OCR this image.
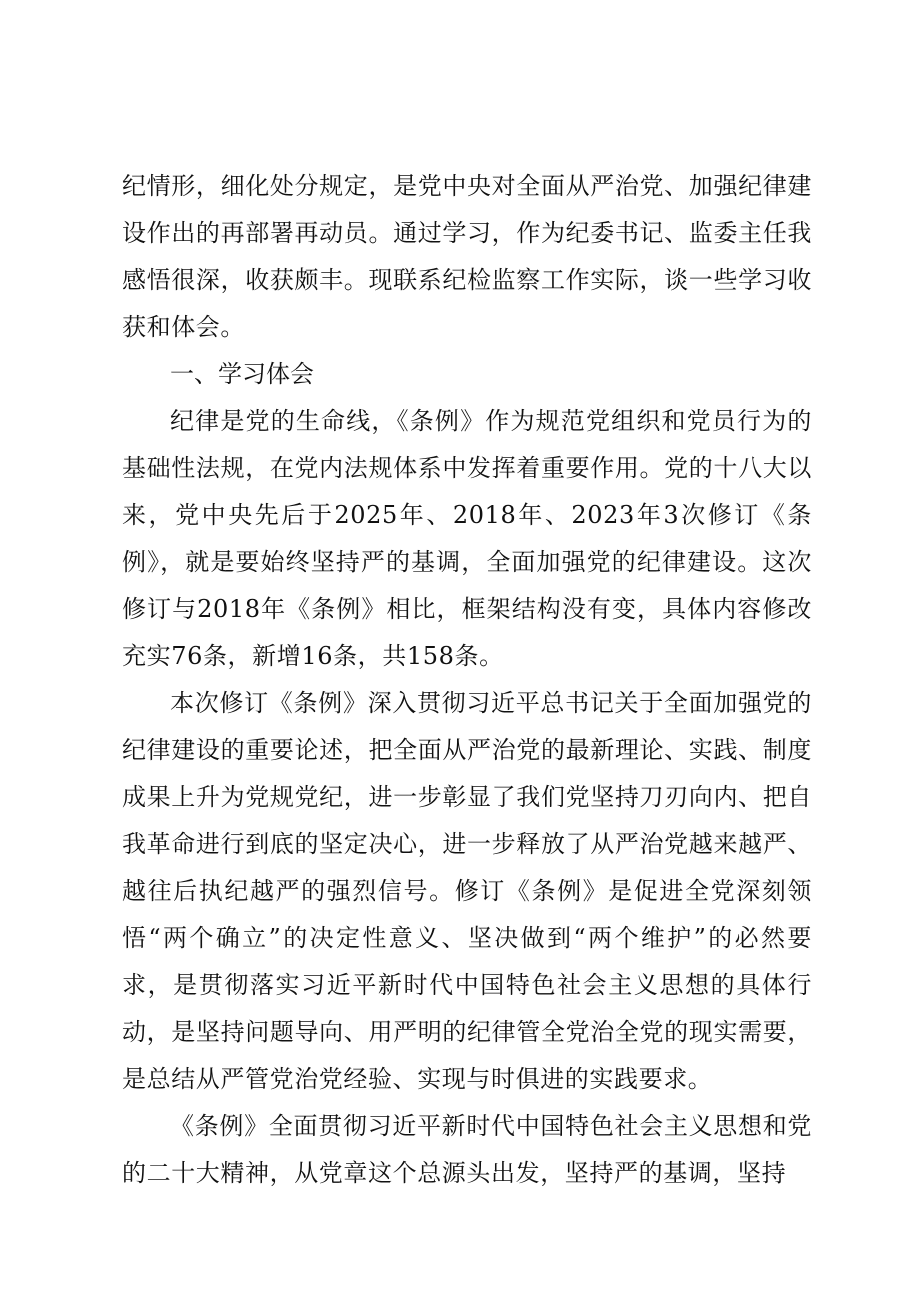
纪情形，细化处分规定，是党中央对全面从严治党、加强纪律建设作出的再部署再动员。通过学习，作为纪委书记、监委主任我感悟很深，收获颇丰。现联系纪检监察工作实际，谈一些学习收获和体会。

一、学习体会

纪律是党的生命线，《条例》作为规范党组织和党员行为的基础性法规，在党内法规体系中发挥着重要作用。党的十八大以来，党中央先后于2025年、2018年、2023年3次修订《条例》，就是要始终坚持严的基调，全面加强党的纪律建设。这次修订与2018年《条例》相比，框架结构没有变，具体内容修改充实76条，新增16条，共158条。

本次修订《条例》深入贯彻习近平总书记关于全面加强党的纪律建设的重要论述，把全面从严治党的最新理论、实践、制度成果上升为党规党纪，进一步彰显了我们党坚持刀刃向内、把自我革命进行到底的坚定决心，进一步释放了从严治党越来越严、越往后执纪越严的强烈信号。修订《条例》是促进全党深刻领悟“两个确立”的决定性意义、坚决做到“两个维护”的必然要求，是贯彻落实习近平新时代中国特色社会主义思想的具体行动，是坚持问题导向、用严明的纪律管全党治全党的现实需要，是总结从严管党治党经验、实现与时俱进的实践要求。

《条例》全面贯彻习近平新时代中国特色社会主义思想和党的二十大精神，从党章这个总源头出发，坚持严的基调，坚持
